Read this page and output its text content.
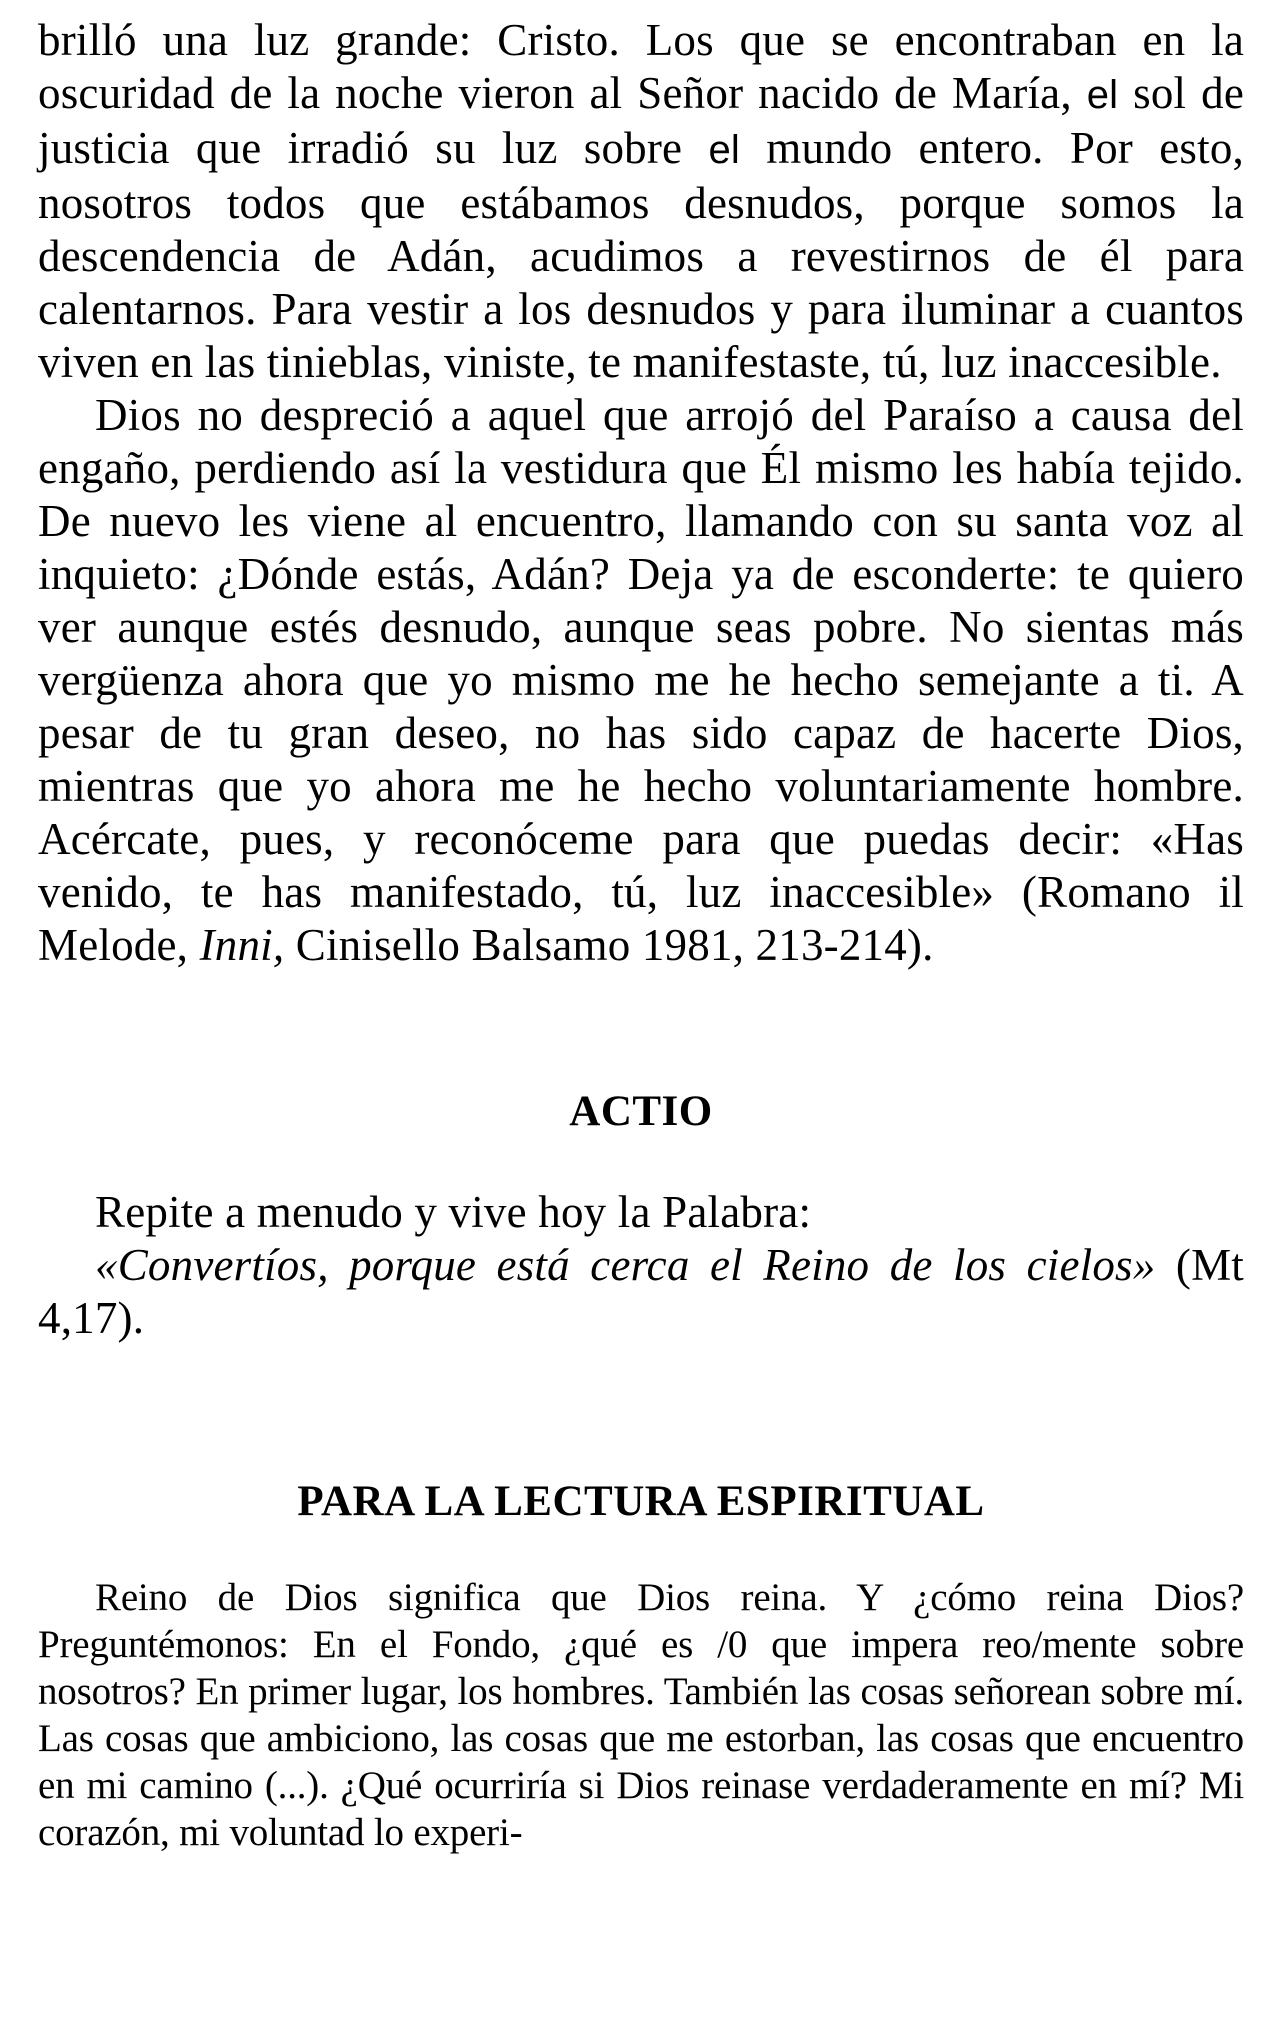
brilló una luz grande: Cristo. Los que se encontraban en la oscuridad de la noche vieron al Señor nacido de María, el sol de justicia que irradió su luz sobre el mundo entero. Por esto, nosotros todos que estábamos desnudos, porque somos la descendencia de Adán, acudimos a revestirnos de él para calentarnos. Para vestir a los desnudos y para iluminar a cuantos viven en las tinieblas, viniste, te manifestaste, tú, luz inaccesible.

Dios no despreció a aquel que arrojó del Paraíso a causa del engaño, perdiendo así la vestidura que Él mismo les había tejido. De nuevo les viene al encuentro, llamando con su santa voz al inquieto: ¿Dónde estás, Adán? Deja ya de esconderte: te quiero ver aunque estés desnudo, aunque seas pobre. No sientas más vergüenza ahora que yo mismo me he hecho semejante a ti. A pesar de tu gran deseo, no has sido capaz de hacerte Dios, mientras que yo ahora me he hecho voluntariamente hombre. Acércate, pues, y reconóceme para que puedas decir: «Has venido, te has manifestado, tú, luz inaccesible» (Romano il Melode, Inni, Cinisello Balsamo 1981, 213-214).

ACTIO

Repite a menudo y vive hoy la Palabra:

«Convertíos, porque está cerca el Reino de los cielos» (Mt 4,17).

PARA LA LECTURA ESPIRITUAL

Reino de Dios significa que Dios reina. Y ¿cómo reina Dios? Preguntémonos: En el Fondo, ¿qué es /0 que impera reo/mente sobre nosotros? En primer lugar, los hombres. También las cosas señorean sobre mí. Las cosas que ambiciono, las cosas que me estorban, las cosas que encuentro en mi camino (...). ¿Qué ocurriría si Dios reinase verdaderamente en mí? Mi corazón, mi voluntad lo experi-
